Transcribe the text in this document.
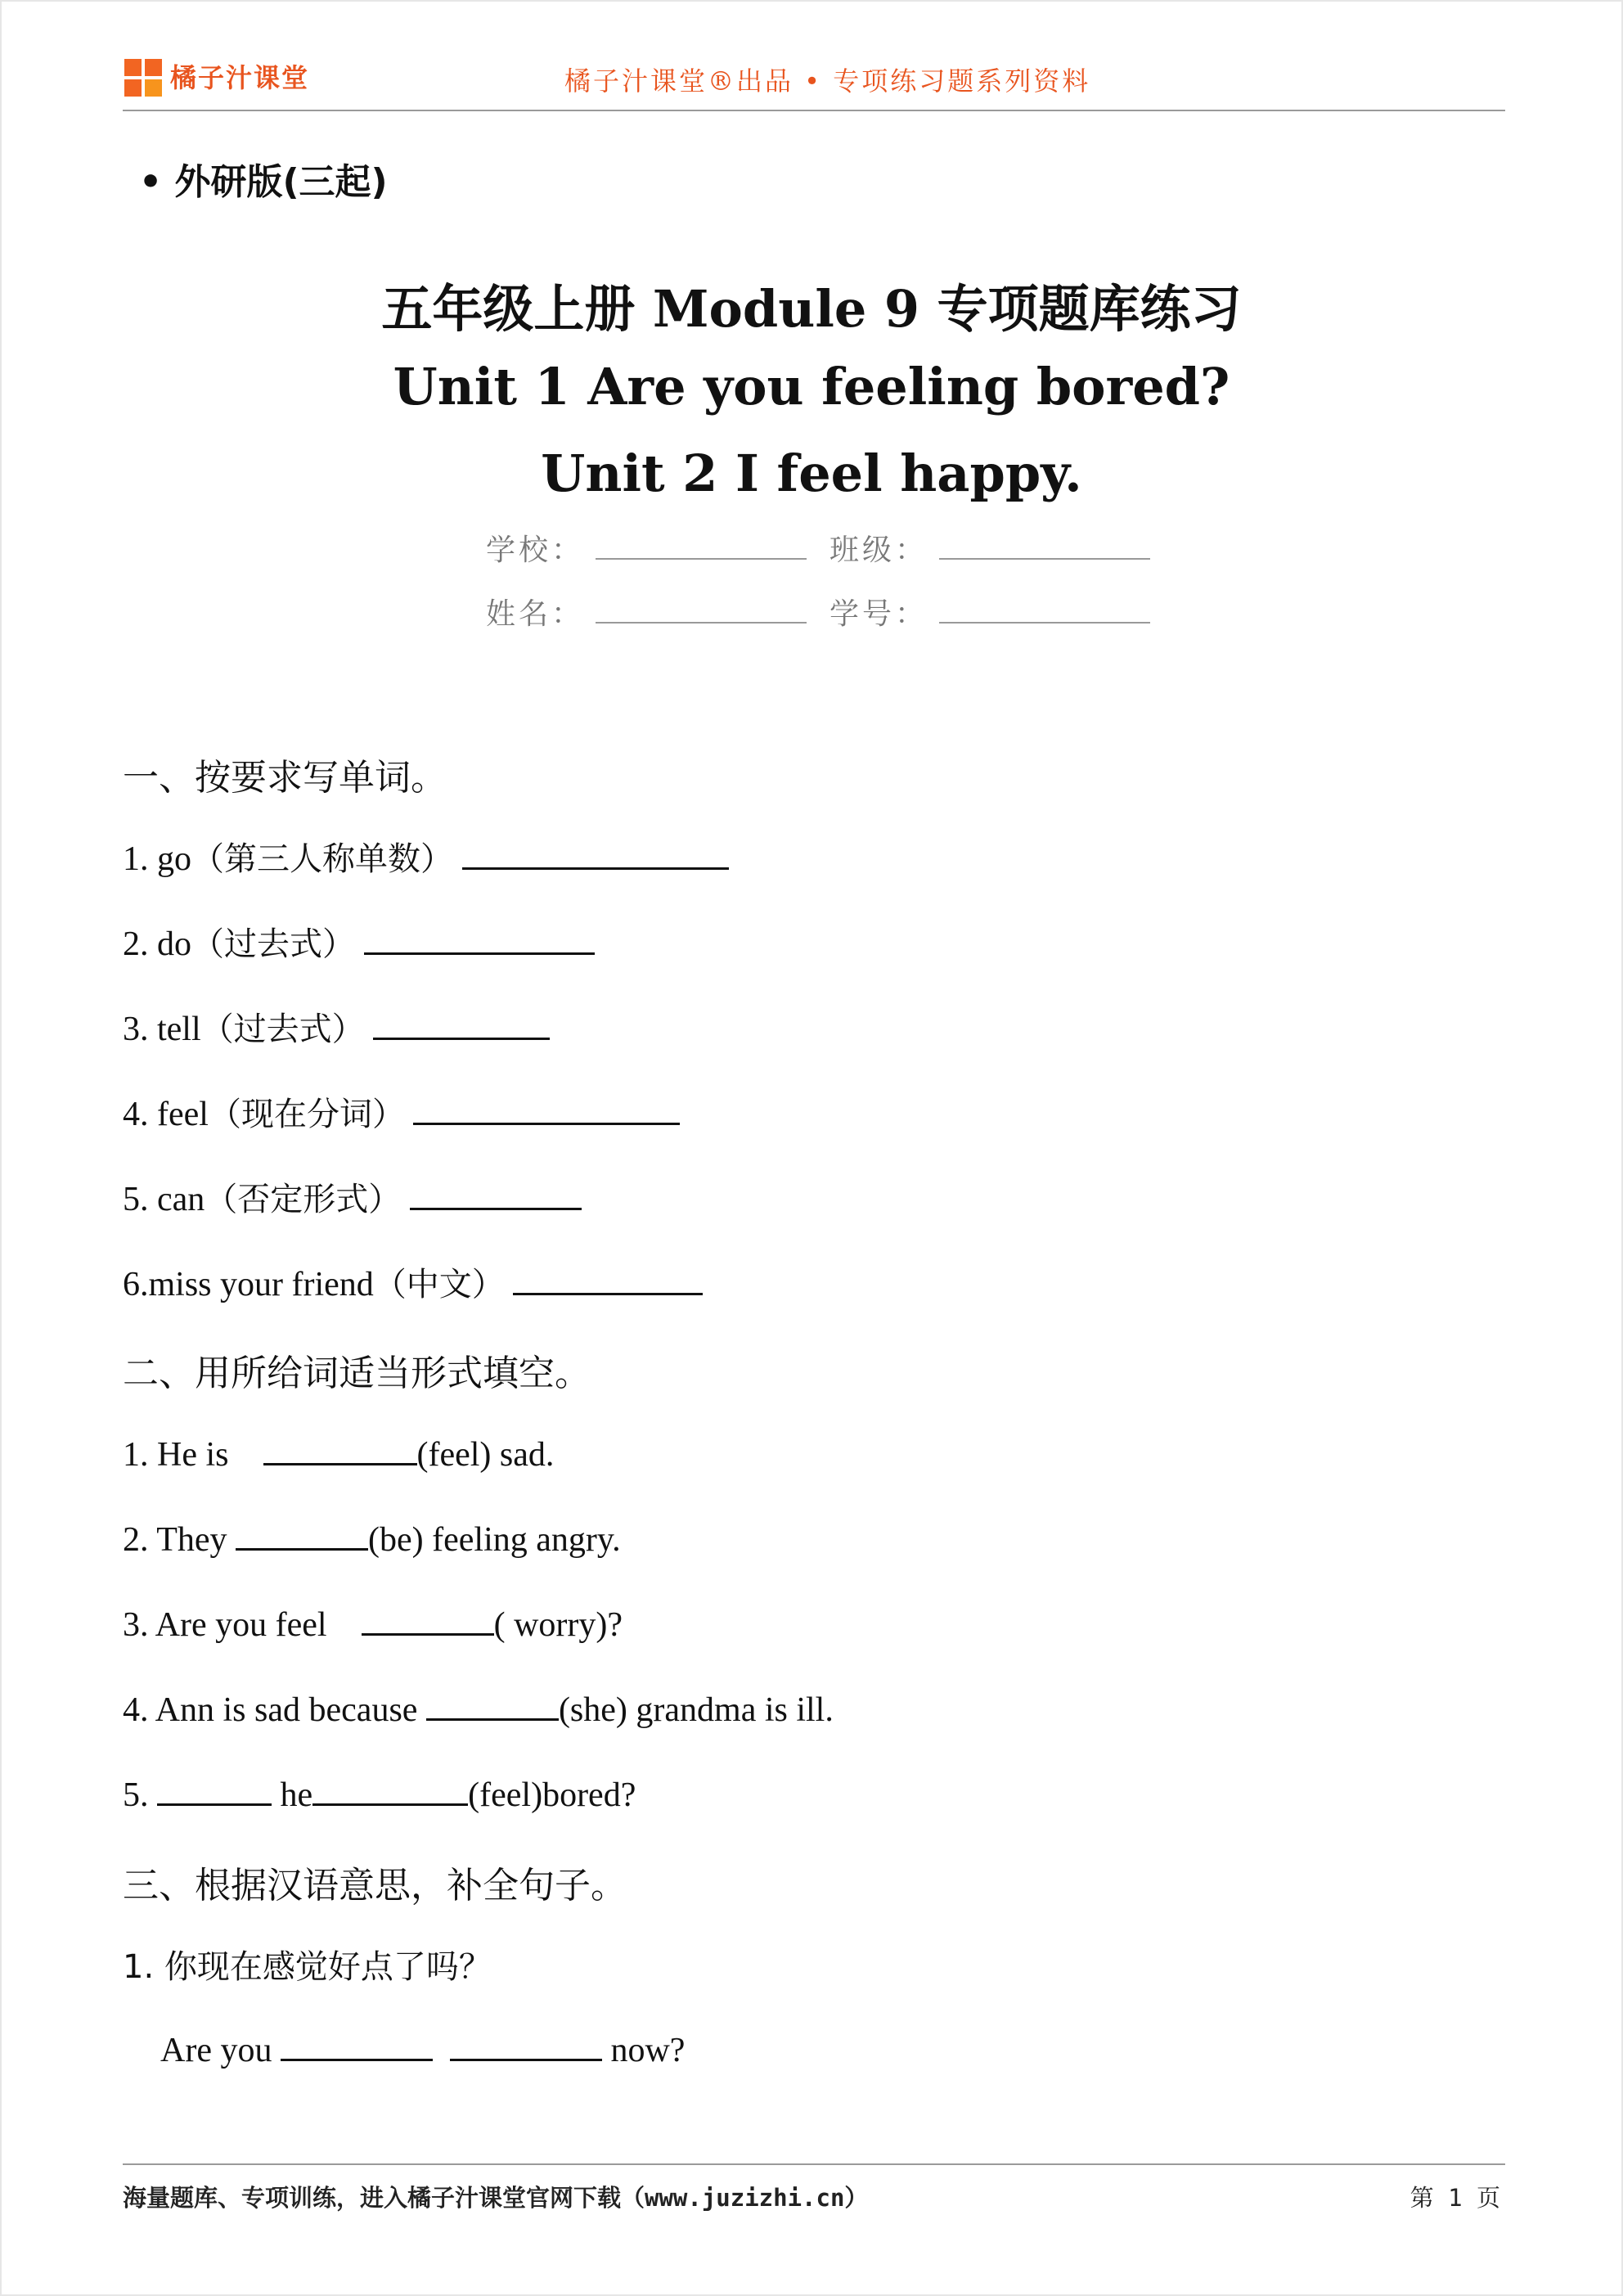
橘子汁课堂	橘子汁课堂®出品 • 专项练习题系列资料
• 外研版(三起)
五年级上册 Module 9 专项题库练习
Unit 1 Are you feeling bored?
Unit 2 I feel happy.
学校：	班级：
姓名：	学号：
一、按要求写单词。
1. go（第三人称单数）
2. do（过去式）
3. tell（过去式）
4. feel（现在分词）
5. can（否定形式）
6.miss your friend（中文）
二、用所给词适当形式填空。
1. He is	(feel) sad.
2. They	(be) feeling angry.
3. Are you feel	( worry)?
4. Ann is sad because	(she) grandma is ill.
5.	he	(feel)bored?
三、根据汉语意思，补全句子。
1. 你现在感觉好点了吗？
Are you	now?
海量题库、专项训练，进入橘子汁课堂官网下载（www.juzizhi.cn）	第 1 页
